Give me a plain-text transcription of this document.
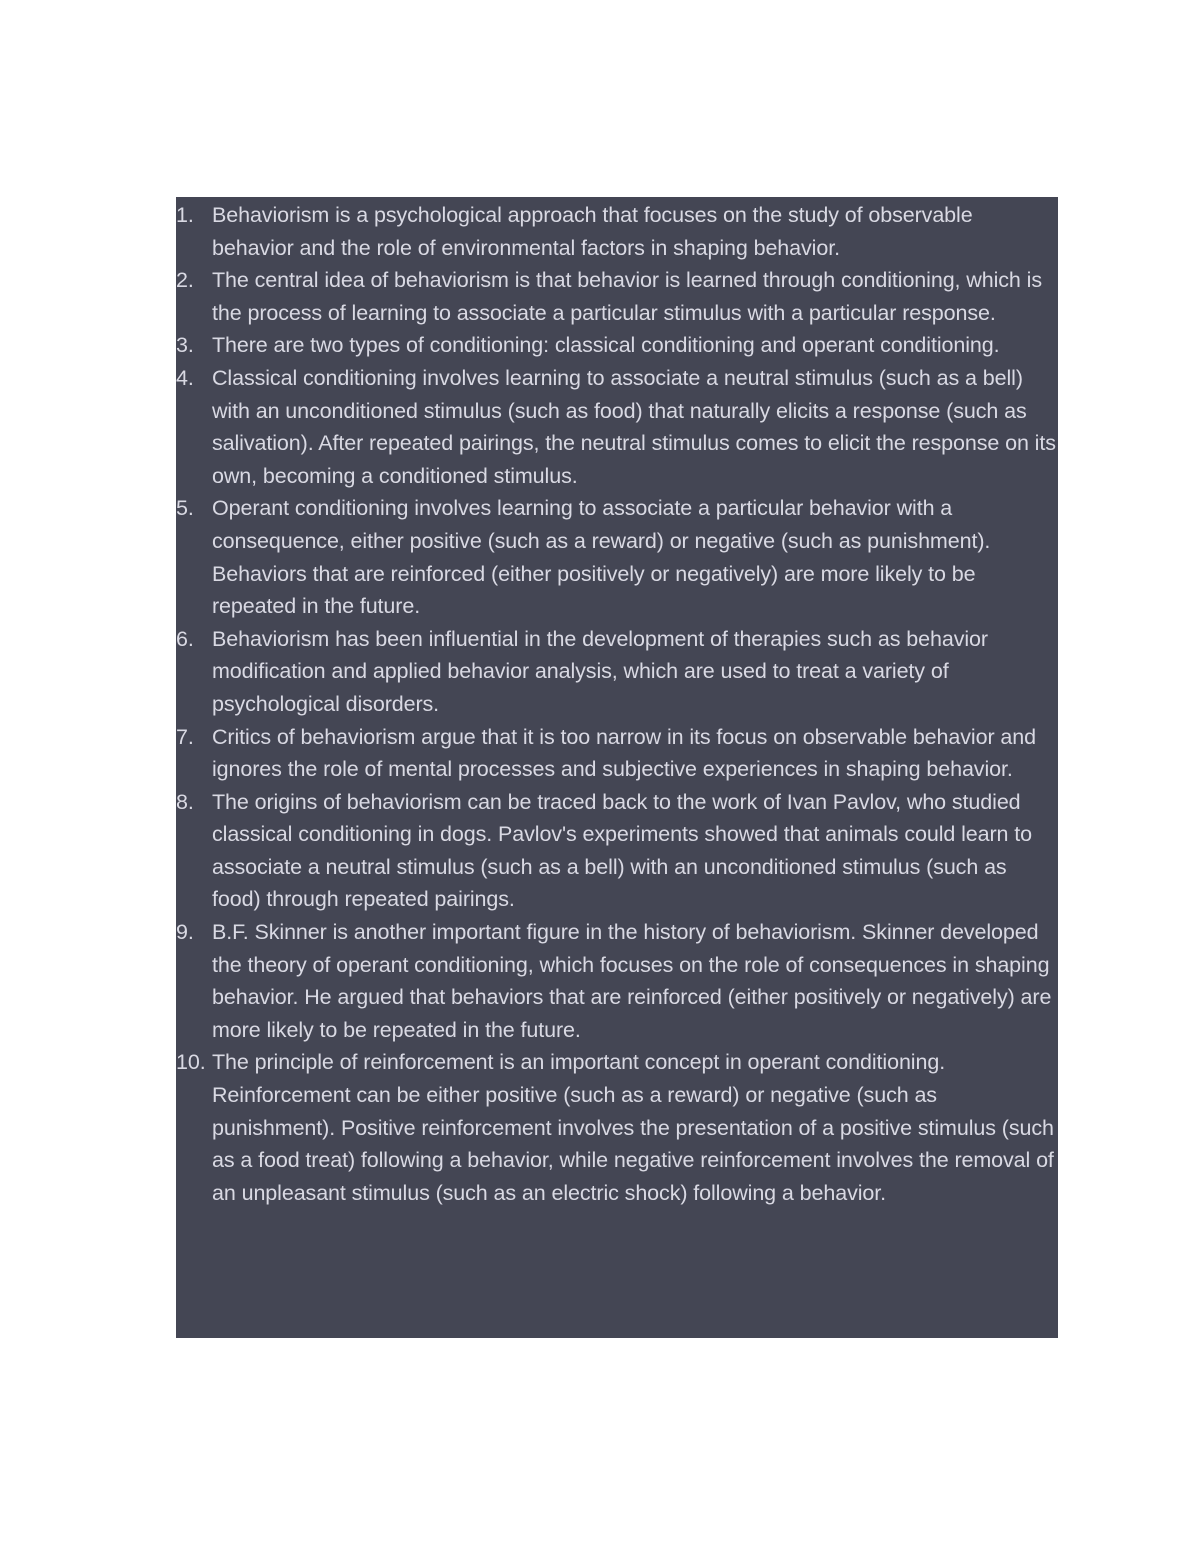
1. Behaviorism is a psychological approach that focuses on the study of observable behavior and the role of environmental factors in shaping behavior.
2. The central idea of behaviorism is that behavior is learned through conditioning, which is the process of learning to associate a particular stimulus with a particular response.
3. There are two types of conditioning: classical conditioning and operant conditioning.
4. Classical conditioning involves learning to associate a neutral stimulus (such as a bell) with an unconditioned stimulus (such as food) that naturally elicits a response (such as salivation). After repeated pairings, the neutral stimulus comes to elicit the response on its own, becoming a conditioned stimulus.
5. Operant conditioning involves learning to associate a particular behavior with a consequence, either positive (such as a reward) or negative (such as punishment). Behaviors that are reinforced (either positively or negatively) are more likely to be repeated in the future.
6. Behaviorism has been influential in the development of therapies such as behavior modification and applied behavior analysis, which are used to treat a variety of psychological disorders.
7. Critics of behaviorism argue that it is too narrow in its focus on observable behavior and ignores the role of mental processes and subjective experiences in shaping behavior.
8. The origins of behaviorism can be traced back to the work of Ivan Pavlov, who studied classical conditioning in dogs. Pavlov's experiments showed that animals could learn to associate a neutral stimulus (such as a bell) with an unconditioned stimulus (such as food) through repeated pairings.
9. B.F. Skinner is another important figure in the history of behaviorism. Skinner developed the theory of operant conditioning, which focuses on the role of consequences in shaping behavior. He argued that behaviors that are reinforced (either positively or negatively) are more likely to be repeated in the future.
10. The principle of reinforcement is an important concept in operant conditioning. Reinforcement can be either positive (such as a reward) or negative (such as punishment). Positive reinforcement involves the presentation of a positive stimulus (such as a food treat) following a behavior, while negative reinforcement involves the removal of an unpleasant stimulus (such as an electric shock) following a behavior.
